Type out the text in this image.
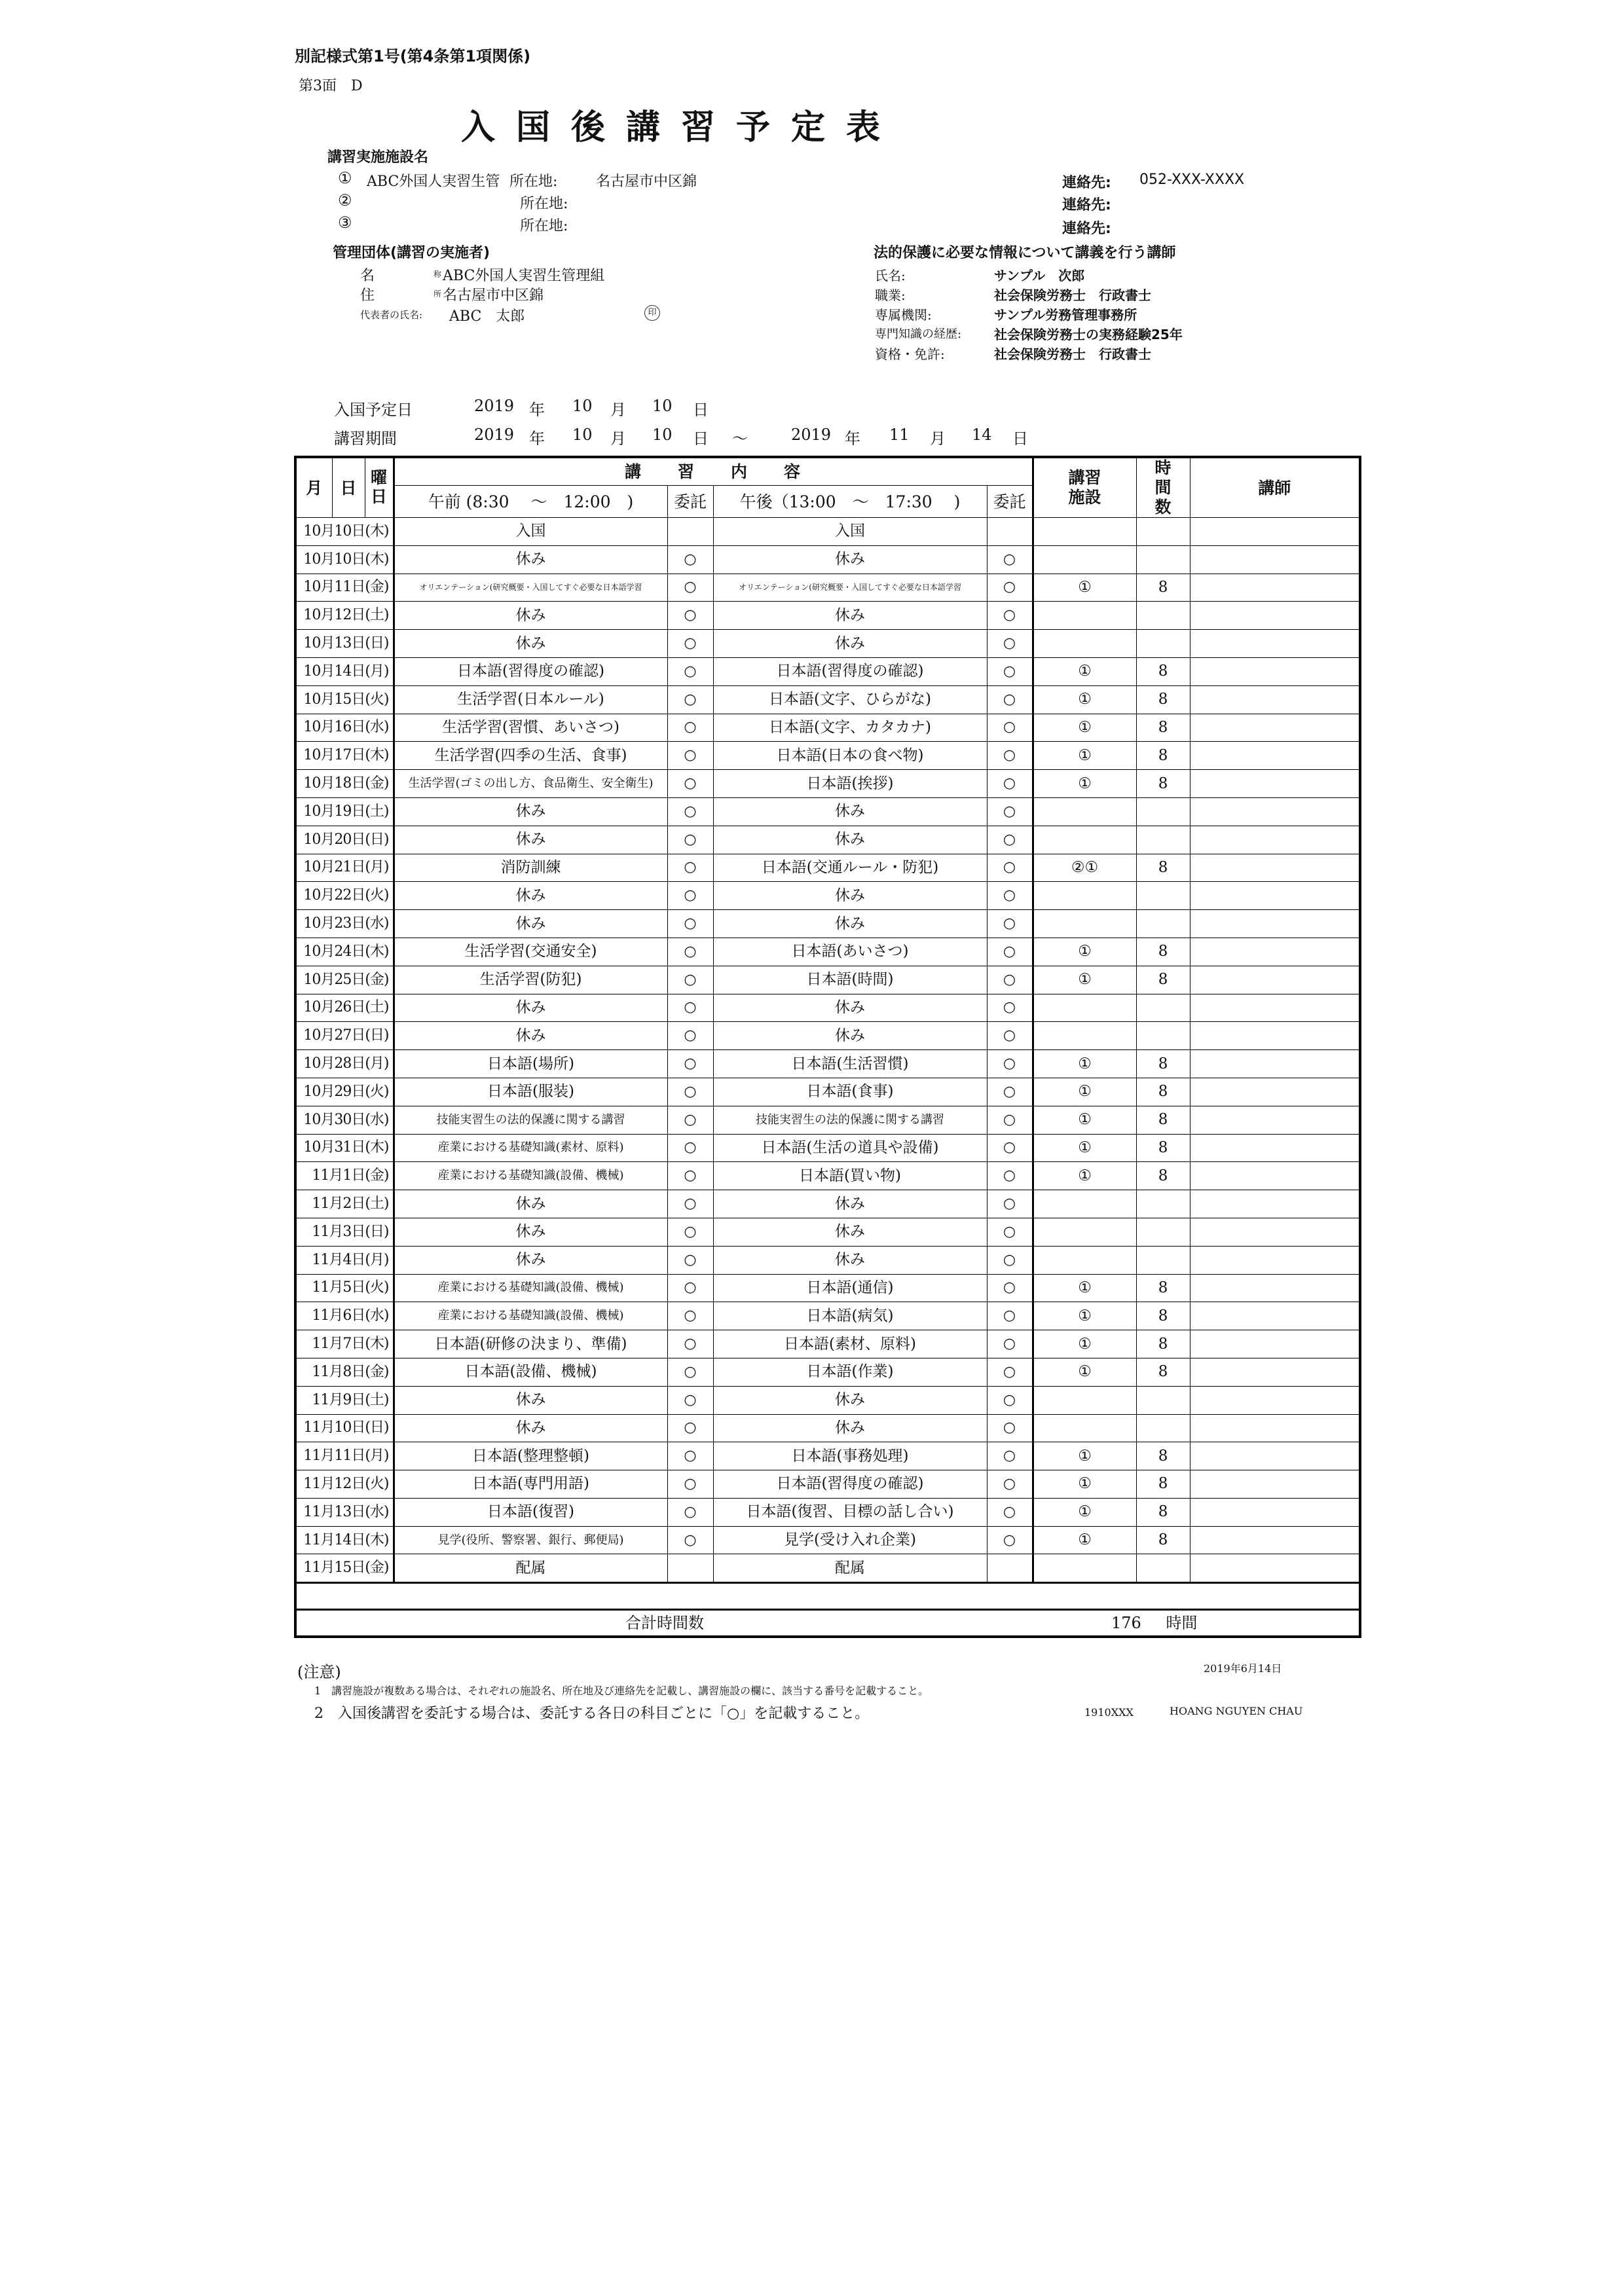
別記様式第1号(第4条第1項関係)
第3面　D
入国後講習予定表
講習実施施設名
① ABC外国人実習生管 所在地:	名古屋市中区錦	連絡先: 052-XXX-XXXX
②	所在地:	連絡先:
③	所在地:	連絡先:
管理団体(講習の実施者)
名	称 ABC外国人実習生管理組
住	所 名古屋市中区錦
代表者の氏名: ABC　太郎	印
法的保護に必要な情報について講義を行う講師
氏名:	サンプル　次郎
職業:	社会保険労務士　行政書士
専属機関:	サンプル労務管理事務所
専門知識の経歴: 社会保険労務士の実務経験25年
資格・免許:	社会保険労務士　行政書士
入国予定日	2019 年 10 月 10 日
講習期間	2019 年 10 月 10 日 ～	2019 年 11 月 14 日
月	日	曜日	講　　習　　内　　容				講習施設	時間数	講師
			午前 (8:30　 ～　12:00　)	委託	午後（13:00　～　17:30　 )	委託			
10月10日(木)			入国		入国				
10月10日(木)			休み	○	休み	○			
10月11日(金)			オリエンテーション(研究概要・入国してすぐ必要な日本語学習	○	オリエンテーション(研究概要・入国してすぐ必要な日本語学習	○	①	8	
10月12日(土)			休み	○	休み	○			
10月13日(日)			休み	○	休み	○			
10月14日(月)			日本語(習得度の確認)	○	日本語(習得度の確認)	○	①	8	
10月15日(火)			生活学習(日本ルール)	○	日本語(文字、ひらがな)	○	①	8	
10月16日(水)			生活学習(習慣、あいさつ)	○	日本語(文字、カタカナ)	○	①	8	
10月17日(木)			生活学習(四季の生活、食事)	○	日本語(日本の食べ物)	○	①	8	
10月18日(金)			生活学習(ゴミの出し方、食品衛生、安全衛生)	○	日本語(挨拶)	○	①	8	
10月19日(土)			休み	○	休み	○			
10月20日(日)			休み	○	休み	○			
10月21日(月)			消防訓練	○	日本語(交通ルール・防犯)	○	②①	8	
10月22日(火)			休み	○	休み	○			
10月23日(水)			休み	○	休み	○			
10月24日(木)			生活学習(交通安全)	○	日本語(あいさつ)	○	①	8	
10月25日(金)			生活学習(防犯)	○	日本語(時間)	○	①	8	
10月26日(土)			休み	○	休み	○			
10月27日(日)			休み	○	休み	○			
10月28日(月)			日本語(場所)	○	日本語(生活習慣)	○	①	8	
10月29日(火)			日本語(服装)	○	日本語(食事)	○	①	8	
10月30日(水)			技能実習生の法的保護に関する講習	○	技能実習生の法的保護に関する講習	○	①	8	
10月31日(木)			産業における基礎知識(素材、原料)	○	日本語(生活の道具や設備)	○	①	8	
11月1日(金)			産業における基礎知識(設備、機械)	○	日本語(買い物)	○	①	8	
11月2日(土)			休み	○	休み	○			
11月3日(日)			休み	○	休み	○			
11月4日(月)			休み	○	休み	○			
11月5日(火)			産業における基礎知識(設備、機械)	○	日本語(通信)	○	①	8	
11月6日(水)			産業における基礎知識(設備、機械)	○	日本語(病気)	○	①	8	
11月7日(木)			日本語(研修の決まり、準備)	○	日本語(素材、原料)	○	①	8	
11月8日(金)			日本語(設備、機械)	○	日本語(作業)	○	①	8	
11月9日(土)			休み	○	休み	○			
11月10日(日)			休み	○	休み	○			
11月11日(月)			日本語(整理整頓)	○	日本語(事務処理)	○	①	8	
11月12日(火)			日本語(専門用語)	○	日本語(習得度の確認)	○	①	8	
11月13日(水)			日本語(復習)	○	日本語(復習、目標の話し合い)	○	①	8	
11月14日(木)			見学(役所、警察署、銀行、郵便局)	○	見学(受け入れ企業)	○	①	8	
11月15日(金)			配属		配属				

合計時間数							176 時間		
(注意)	2019年6月14日
1　講習施設が複数ある場合は、それぞれの施設名、所在地及び連絡先を記載し、講習施設の欄に、該当する番号を記載すること。
2　入国後講習を委託する場合は、委託する各日の科目ごとに「○」を記載すること。	1910XXX	HOANG NGUYEN CHAU
